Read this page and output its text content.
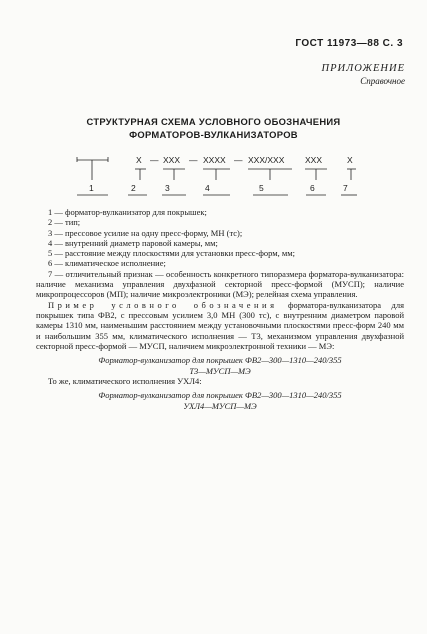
ГОСТ 11973—88 С. 3
ПРИЛОЖЕНИЕ
Справочное
СТРУКТУРНАЯ СХЕМА УСЛОВНОГО ОБОЗНАЧЕНИЯ
ФОРМАТОРОВ-ВУЛКАНИЗАТОРОВ
X — XXX — XXXX — XXX/XXX XXX	X
1	2	3	4	5	6	7

1 — форматор-вулканизатор для покрышек;

2 — тип;

3 — прессовое усилие на одну пресс-форму, МН (тс);

4 — внутренний диаметр паровой камеры, мм;

5 — расстояние между плоскостями для установки пресс-форм, мм;

6 — климатическое исполнение;

7 — отличительный признак — особенность конкретного типоразмера форматора-вулканизатора: наличие механизма управления двухфазной секторной пресс-формой (МУСП); наличие микропроцессоров (МП); наличие микроэлектроники (МЭ); релейная схема управления.

Пример условного обозначения форматора-вулканизатора для покрышек типа ФВ2, с прессовым усилием 3,0 МН (300 тс), с внутренним диаметром паровой камеры 1310 мм, наименьшим расстоянием между установочными плоскостями пресс-форм 240 мм и наибольшим 355 мм, климатического исполнения — Т3, механизмом управления двухфазной секторной пресс-формой — МУСП, наличием микроэлектронной техники — МЭ:

Форматор-вулканизатор для покрышек ФВ2—300—1310—240/355
Т3—МУСП—МЭ

То же, климатического исполнения УХЛ4:

Форматор-вулканизатор для покрышек ФВ2—300—1310—240/355
УХЛ4—МУСП—МЭ
